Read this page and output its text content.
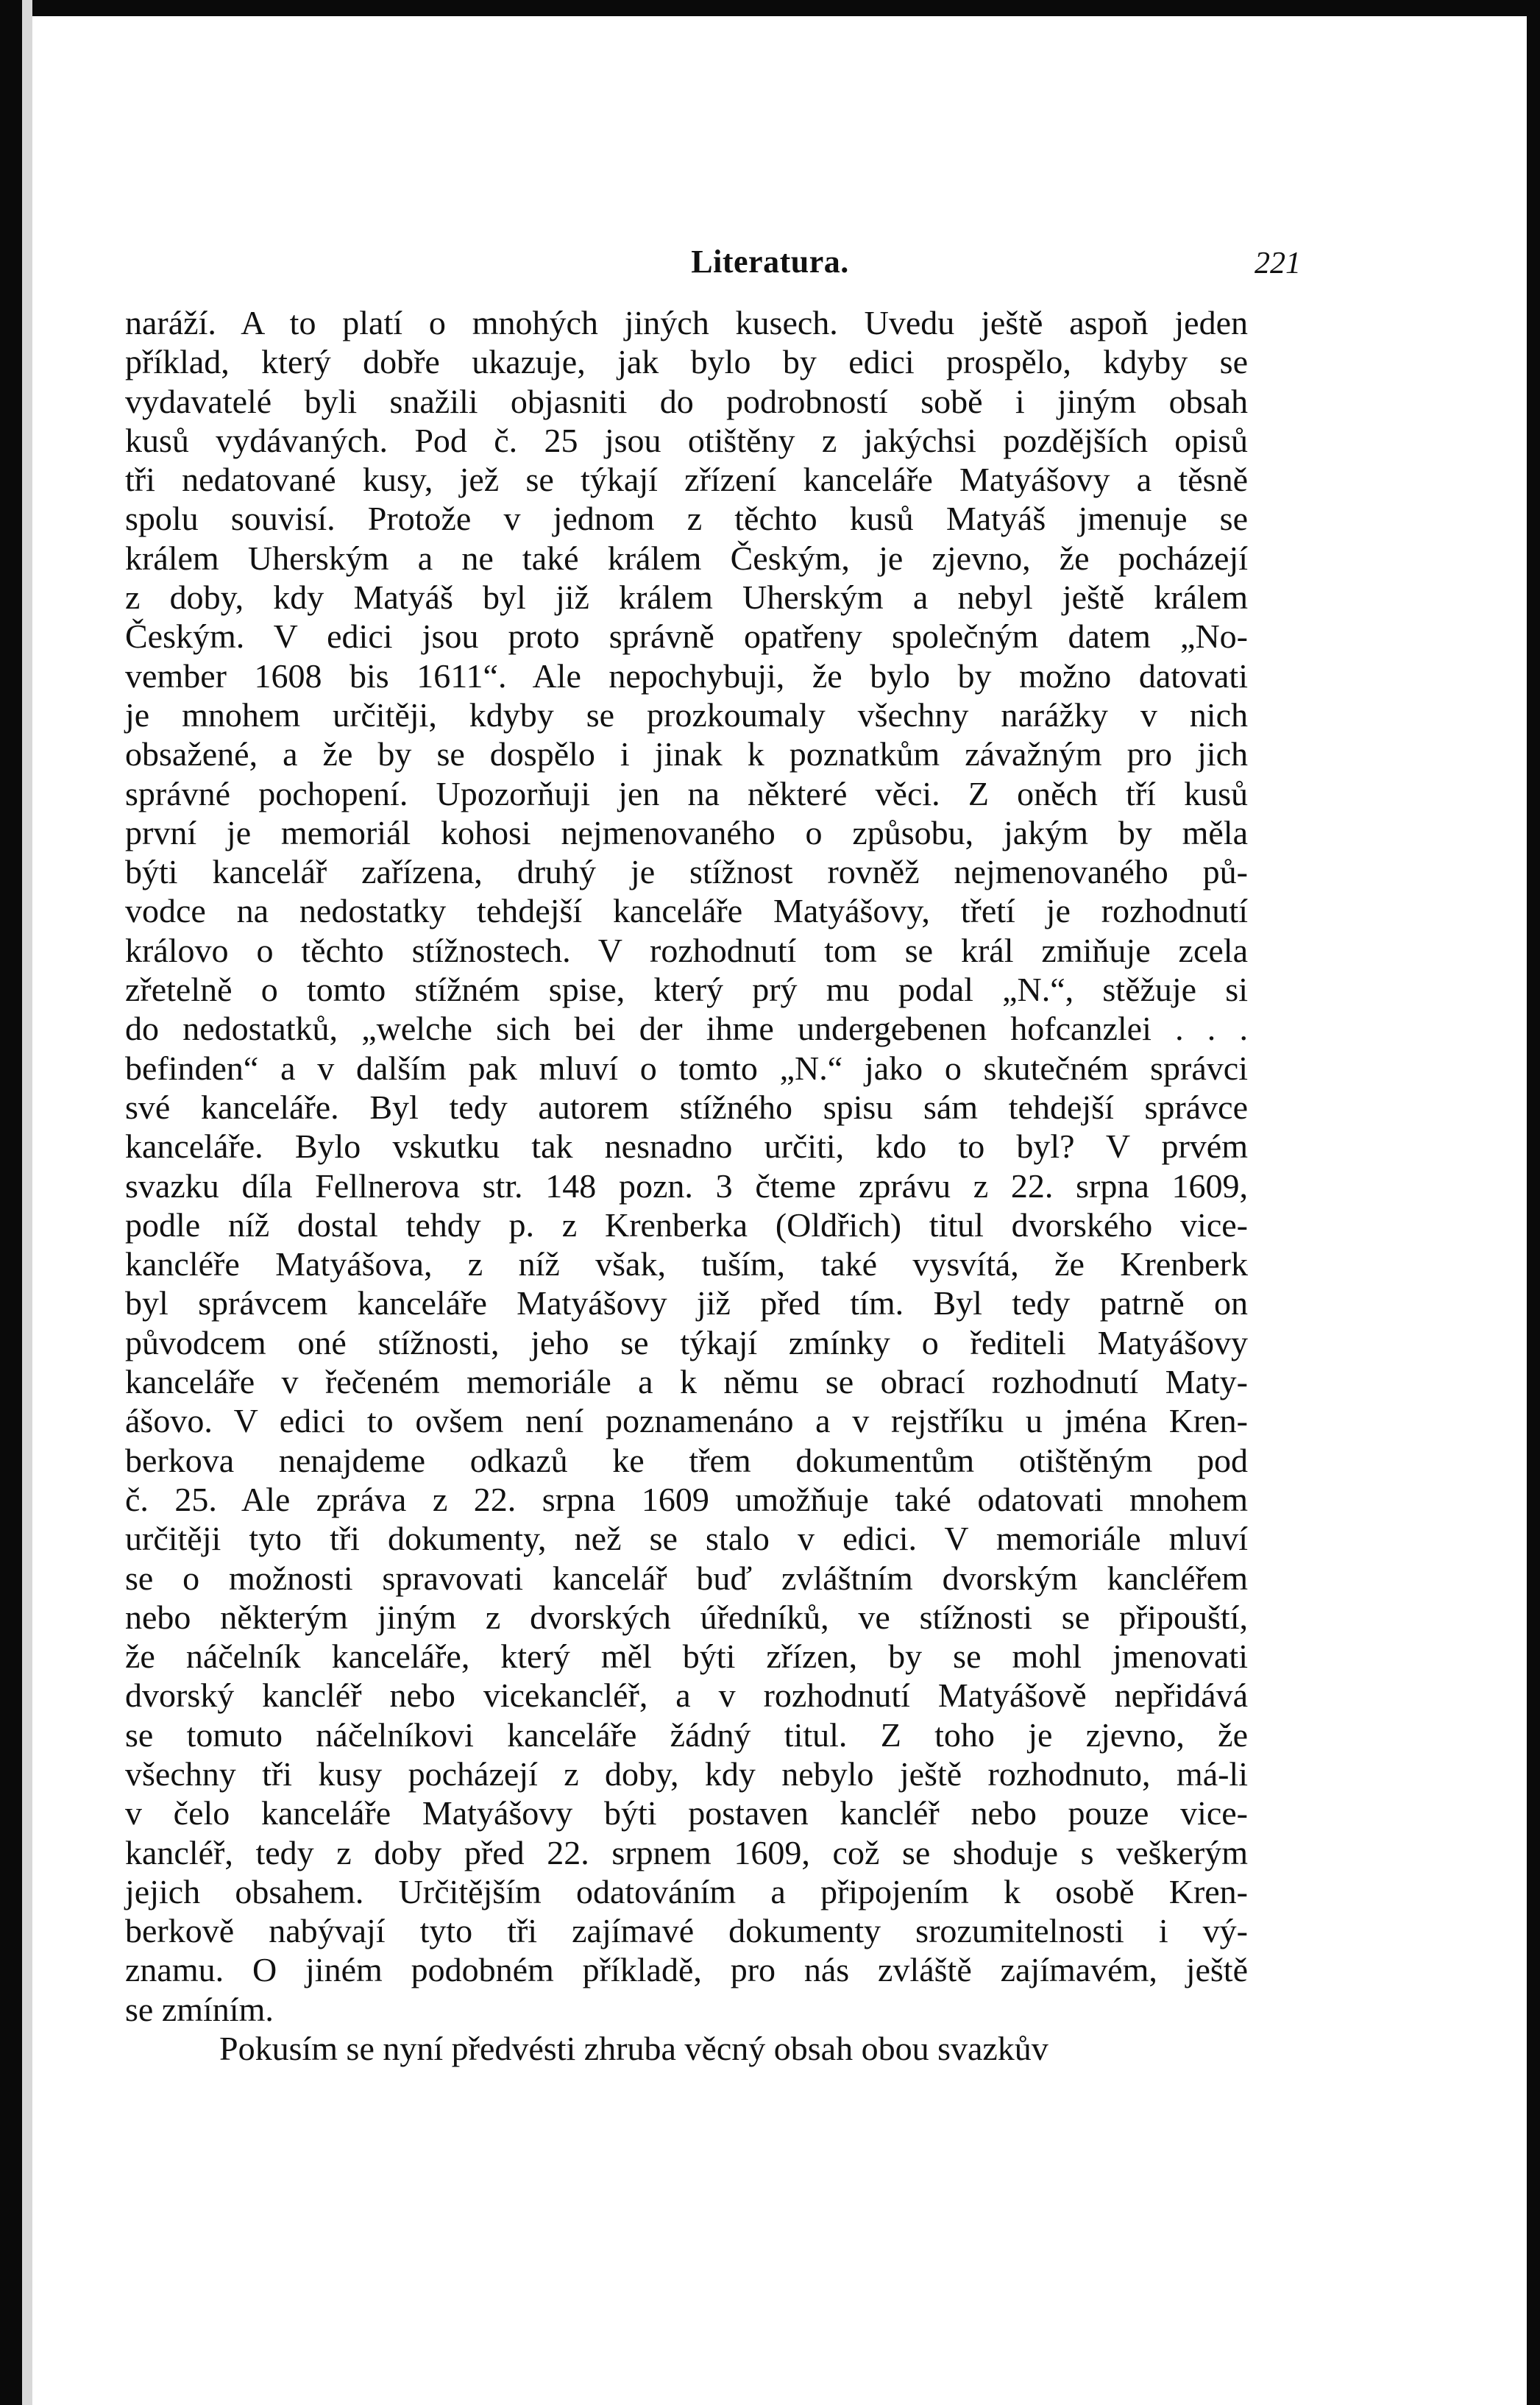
Literatura.	221
naráží. A to platí o mnohých jiných kusech. Uvedu ještě aspoň jeden
příklad, který dobře ukazuje, jak bylo by edici prospělo, kdyby se
vydavatelé byli snažili objasniti do podrobností sobě i jiným obsah
kusů vydávaných. Pod č. 25 jsou otištěny z jakýchsi pozdějších opisů
tři nedatované kusy, jež se týkají zřízení kanceláře Matyášovy a těsně
spolu souvisí. Protože v jednom z těchto kusů Matyáš jmenuje se
králem Uherským a ne také králem Českým, je zjevno, že pocházejí
z doby, kdy Matyáš byl již králem Uherským a nebyl ještě králem
Českým. V edici jsou proto správně opatřeny společným datem „No-
vember 1608 bis 1611“. Ale nepochybuji, že bylo by možno datovati
je mnohem určitěji, kdyby se prozkoumaly všechny narážky v nich
obsažené, a že by se dospělo i jinak k poznatkům závažným pro jich
správné pochopení. Upozorňuji jen na některé věci. Z oněch tří kusů
první je memoriál kohosi nejmenovaného o způsobu, jakým by měla
býti kancelář zařízena, druhý je stížnost rovněž nejmenovaného pů-
vodce na nedostatky tehdejší kanceláře Matyášovy, třetí je rozhodnutí
královo o těchto stížnostech. V rozhodnutí tom se král zmiňuje zcela
zřetelně o tomto stížném spise, který prý mu podal „N.“, stěžuje si
do nedostatků, „welche sich bei der ihme undergebenen hofcanzlei . . .
befinden“ a v dalším pak mluví o tomto „N.“ jako o skutečném správci
své kanceláře. Byl tedy autorem stížného spisu sám tehdejší správce
kanceláře. Bylo vskutku tak nesnadno určiti, kdo to byl? V prvém
svazku díla Fellnerova str. 148 pozn. 3 čteme zprávu z 22. srpna 1609,
podle níž dostal tehdy p. z Krenberka (Oldřich) titul dvorského vice-
kancléře Matyášova, z níž však, tuším, také vysvítá, že Krenberk
byl správcem kanceláře Matyášovy již před tím. Byl tedy patrně on
původcem oné stížnosti, jeho se týkají zmínky o řediteli Matyášovy
kanceláře v řečeném memoriále a k němu se obrací rozhodnutí Maty-
ášovo. V edici to ovšem není poznamenáno a v rejstříku u jména Kren-
berkova nenajdeme odkazů ke třem dokumentům otištěným pod
č. 25. Ale zpráva z 22. srpna 1609 umožňuje také odatovati mnohem
určitěji tyto tři dokumenty, než se stalo v edici. V memoriále mluví
se o možnosti spravovati kancelář buď zvláštním dvorským kancléřem
nebo některým jiným z dvorských úředníků, ve stížnosti se připouští,
že náčelník kanceláře, který měl býti zřízen, by se mohl jmenovati
dvorský kancléř nebo vicekancléř, a v rozhodnutí Matyášově nepřidává
se tomuto náčelníkovi kanceláře žádný titul. Z toho je zjevno, že
všechny tři kusy pocházejí z doby, kdy nebylo ještě rozhodnuto, má-li
v čelo kanceláře Matyášovy býti postaven kancléř nebo pouze vice-
kancléř, tedy z doby před 22. srpnem 1609, což se shoduje s veškerým
jejich obsahem. Určitějším odatováním a připojením k osobě Kren-
berkově nabývají tyto tři zajímavé dokumenty srozumitelnosti i vý-
znamu. O jiném podobném příkladě, pro nás zvláště zajímavém, ještě
se zmíním.
Pokusím se nyní předvésti zhruba věcný obsah obou svazkův
